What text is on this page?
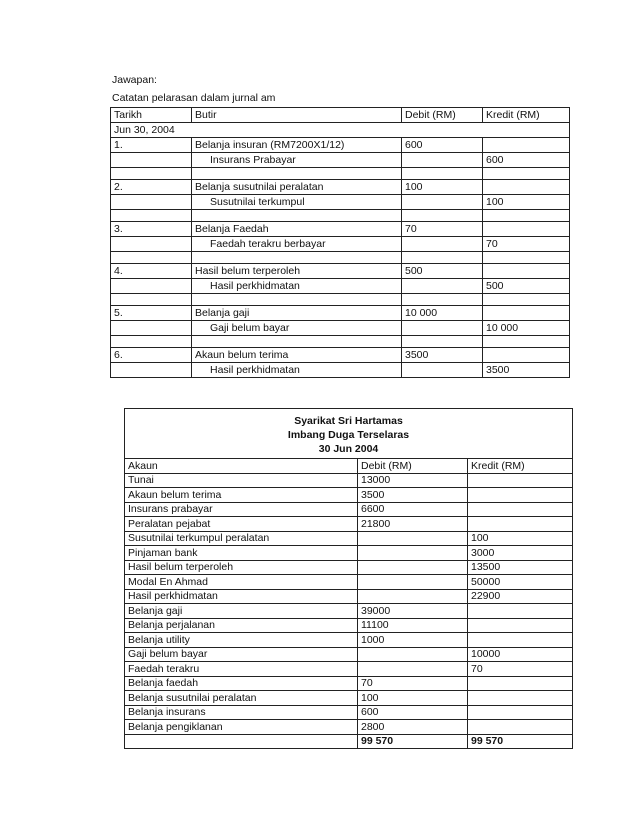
Jawapan:
Catatan pelarasan dalam jurnal am
Tarikh	Butir	Debit (RM)	Kredit (RM)
Jun 30, 2004			
1.	Belanja insuran (RM7200X1/12)	600	
	Insurans Prabayar		600

2.	Belanja susutnilai peralatan	100	
	Susutnilai terkumpul		100

3.	Belanja Faedah	70	
	Faedah terakru berbayar		70

4.	Hasil belum terperoleh	500	
	Hasil perkhidmatan		500

5.	Belanja gaji	10 000	
	Gaji belum bayar		10 000

6.	Akaun belum terima	3500	
	Hasil perkhidmatan		3500
Syarikat Sri Hartamas
Imbang Duga Terselaras
30 Jun 2004		

Akaun	Debit (RM)	Kredit (RM)
Tunai	13000	
Akaun belum terima	3500	
Insurans prabayar	6600	
Peralatan pejabat	21800	
Susutnilai terkumpul peralatan		100
Pinjaman bank		3000
Hasil belum terperoleh		13500
Modal En Ahmad		50000
Hasil perkhidmatan		22900
Belanja gaji	39000	
Belanja perjalanan	11100	
Belanja utility	1000	
Gaji belum bayar		10000
Faedah terakru		70
Belanja faedah	70	
Belanja susutnilai peralatan	100	
Belanja insurans	600	
Belanja pengiklanan	2800	
	99 570	99 570
